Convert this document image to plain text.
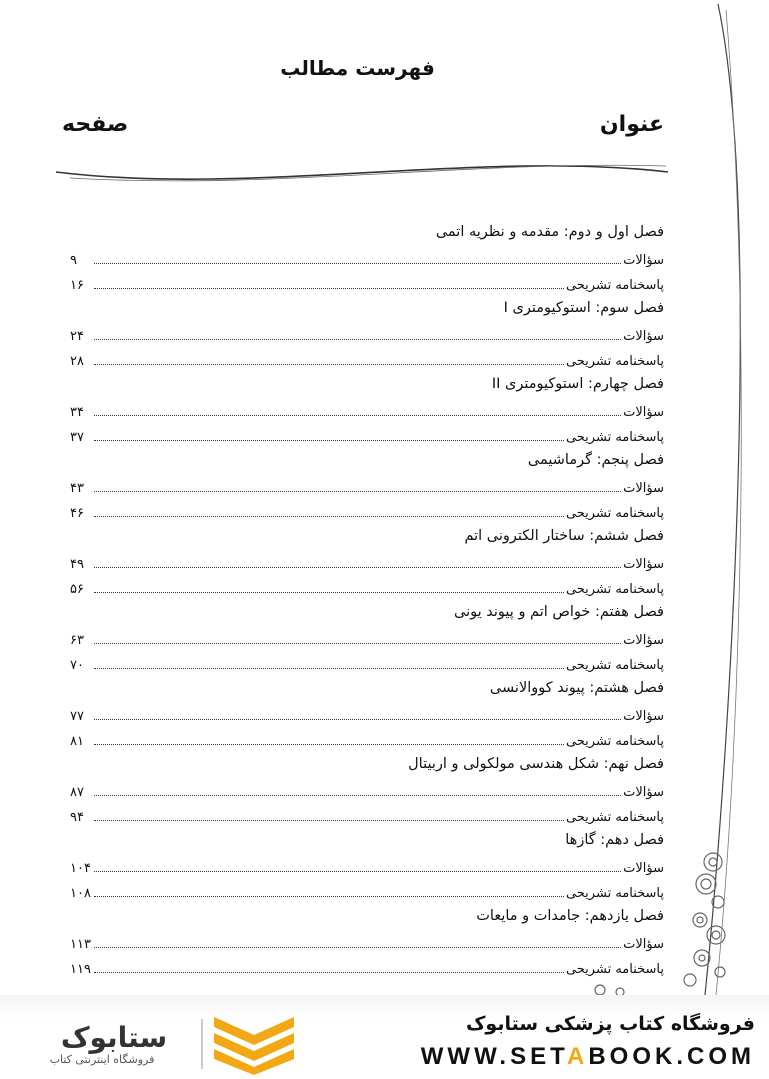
فهرست مطالب
عنوان
صفحه
فصل اول و دوم: مقدمه و نظریه اتمی
سؤالات
۹
پاسخنامه تشریحی
۱۶
فصل سوم: استوکیومتری I
سؤالات
۲۴
پاسخنامه تشریحی
۲۸
فصل چهارم: استوکیومتری II
سؤالات
۳۴
پاسخنامه تشریحی
۳۷
فصل پنجم: گرماشیمی
سؤالات
۴۳
پاسخنامه تشریحی
۴۶
فصل ششم: ساختار الکترونی اتم
سؤالات
۴۹
پاسخنامه تشریحی
۵۶
فصل هفتم: خواص اتم و پیوند یونی
سؤالات
۶۳
پاسخنامه تشریحی
۷۰
فصل هشتم: پیوند کووالانسی
سؤالات
۷۷
پاسخنامه تشریحی
۸۱
فصل نهم: شکل هندسی مولکولی و اربیتال
سؤالات
۸۷
پاسخنامه تشریحی
۹۴
فصل دهم: گازها
سؤالات
۱۰۴
پاسخنامه تشریحی
۱۰۸
فصل یازدهم: جامدات و مایعات
سؤالات
۱۱۳
پاسخنامه تشریحی
۱۱۹
فروشگاه کتاب پزشکی ستابوک
WWW.SETABOOK.COM
ستابوک
فروشگاه اینترنتی کتاب
